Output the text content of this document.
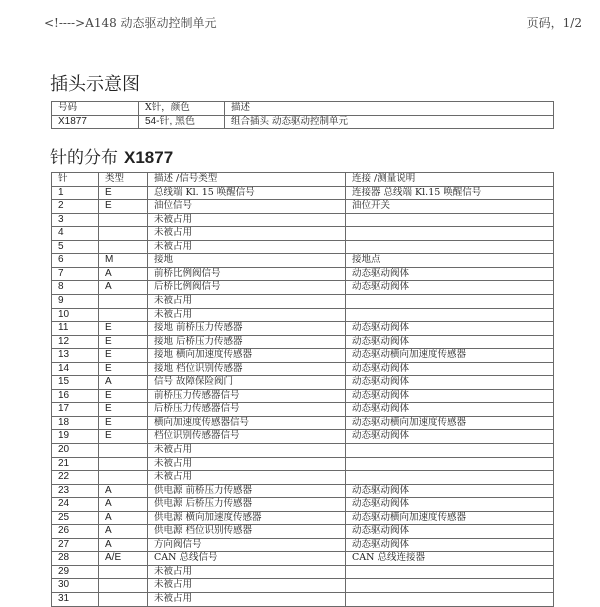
<!---->A148 动态驱动控制单元	页码，1/2
插头示意图
号码	X针，颜色	描述
X1877	54-针, 黑色	组合插头 动态驱动控制单元
针的分布 X1877
针	类型	描述 /信号类型	连接 /测量说明
1	E	总线端 Kl. 15 唤醒信号	连接器 总线端 Kl.15 唤醒信号
2	E	油位信号	油位开关
3		未被占用	
4		未被占用	
5		未被占用	
6	M	接地	接地点
7	A	前桥比例阀信号	动态驱动阀体
8	A	后桥比例阀信号	动态驱动阀体
9		未被占用	
10		未被占用	
11	E	接地 前桥压力传感器	动态驱动阀体
12	E	接地 后桥压力传感器	动态驱动阀体
13	E	接地 横向加速度传感器	动态驱动横向加速度传感器
14	E	接地 档位识别传感器	动态驱动阀体
15	A	信号 故障保险阀门	动态驱动阀体
16	E	前桥压力传感器信号	动态驱动阀体
17	E	后桥压力传感器信号	动态驱动阀体
18	E	横向加速度传感器信号	动态驱动横向加速度传感器
19	E	档位识别传感器信号	动态驱动阀体
20		未被占用	
21		未被占用	
22		未被占用	
23	A	供电源 前桥压力传感器	动态驱动阀体
24	A	供电源 后桥压力传感器	动态驱动阀体
25	A	供电源 横向加速度传感器	动态驱动横向加速度传感器
26	A	供电源 档位识别传感器	动态驱动阀体
27	A	方向阀信号	动态驱动阀体
28	A/E	CAN 总线信号	CAN 总线连接器
29		未被占用	
30		未被占用	
31		未被占用	
